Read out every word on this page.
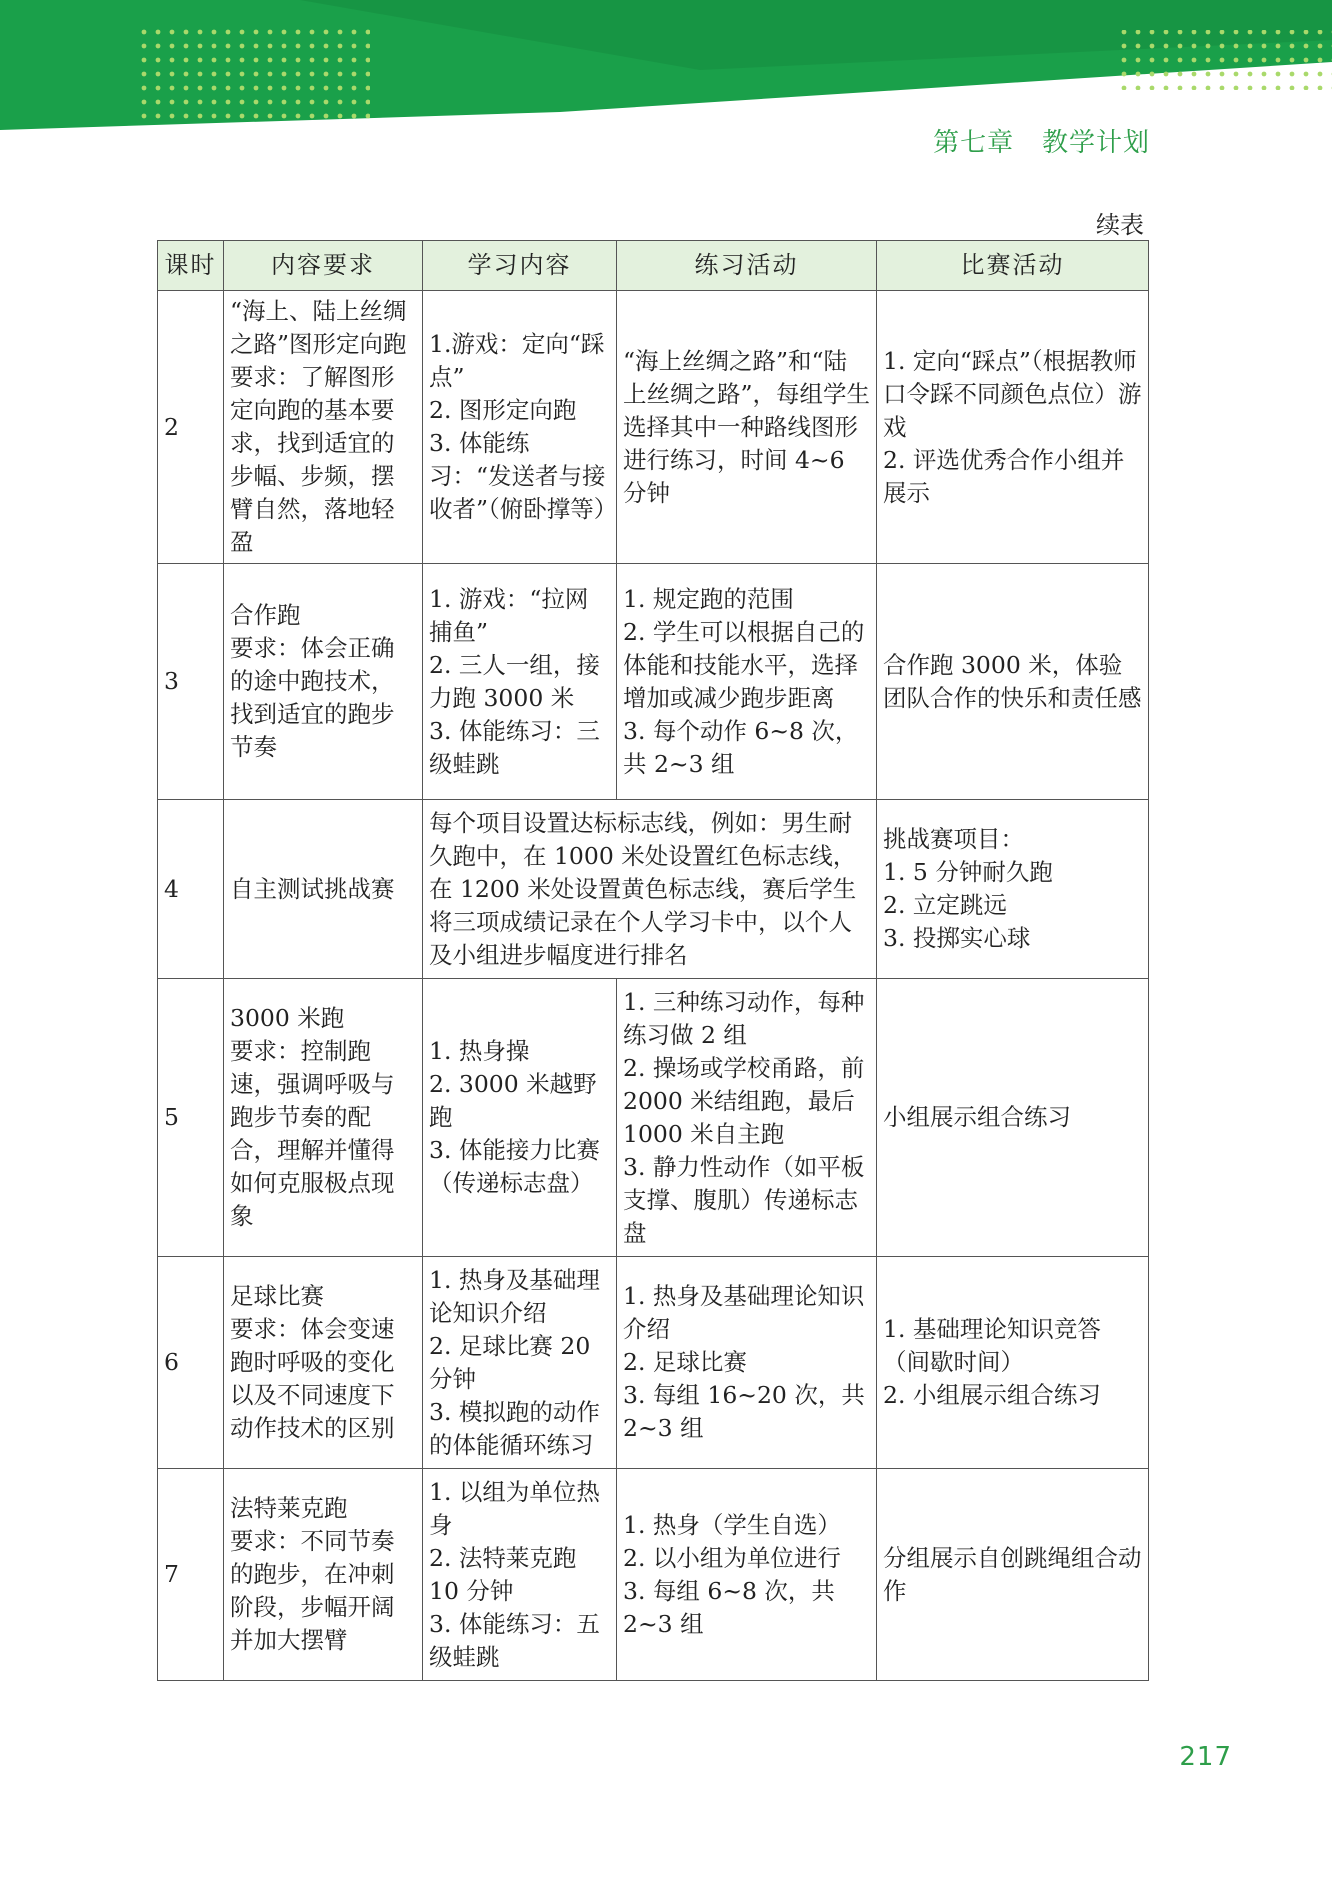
第七章 教学计划
续表
课时	内容要求	学习内容	练习活动	比赛活动
2	“海上、陆上丝绸之路”图形定向跑
要求：了解图形定向跑的基本要求，找到适宜的步幅、步频，摆臂自然，落地轻盈	1.游戏：定向“踩点”
2. 图形定向跑
3. 体能练习：“发送者与接收者”（俯卧撑等）	“海上丝绸之路”和“陆上丝绸之路”，每组学生选择其中一种路线图形进行练习，时间 4~6 分钟	1. 定向“踩点”（根据教师口令踩不同颜色点位）游戏
2. 评选优秀合作小组并展示

3	合作跑
要求：体会正确的途中跑技术，找到适宜的跑步节奏	1. 游戏：“拉网捕鱼”
2. 三人一组，接力跑 3000 米
3. 体能练习：三级蛙跳	1. 规定跑的范围
2. 学生可以根据自己的体能和技能水平，选择增加或减少跑步距离
3. 每个动作 6~8 次，共 2~3 组	合作跑 3000 米，体验团队合作的快乐和责任感

4	自主测试挑战赛	每个项目设置达标标志线，例如：男生耐久跑中，在 1000 米处设置红色标志线，在 1200 米处设置黄色标志线，赛后学生将三项成绩记录在个人学习卡中，以个人及小组进步幅度进行排名		挑战赛项目：
1. 5 分钟耐久跑
2. 立定跳远
3. 投掷实心球

5	3000 米跑
要求：控制跑速，强调呼吸与跑步节奏的配合，理解并懂得如何克服极点现象	1. 热身操
2. 3000 米越野跑
3. 体能接力比赛（传递标志盘）	1. 三种练习动作，每种练习做 2 组
2. 操场或学校甬路，前 2000 米结组跑，最后 1000 米自主跑
3. 静力性动作（如平板支撑、腹肌）传递标志盘	小组展示组合练习

6	足球比赛
要求：体会变速跑时呼吸的变化以及不同速度下动作技术的区别	1. 热身及基础理论知识介绍
2. 足球比赛 20 分钟
3. 模拟跑的动作的体能循环练习	1. 热身及基础理论知识介绍
2. 足球比赛
3. 每组 16~20 次，共 2~3 组	1. 基础理论知识竞答（间歇时间）
2. 小组展示组合练习

7	法特莱克跑
要求：不同节奏的跑步，在冲刺阶段，步幅开阔并加大摆臂	1. 以组为单位热身
2. 法特莱克跑 10 分钟
3. 体能练习：五级蛙跳	1. 热身（学生自选）
2. 以小组为单位进行
3. 每组 6~8 次，共 2~3 组	分组展示自创跳绳组合动作
217
